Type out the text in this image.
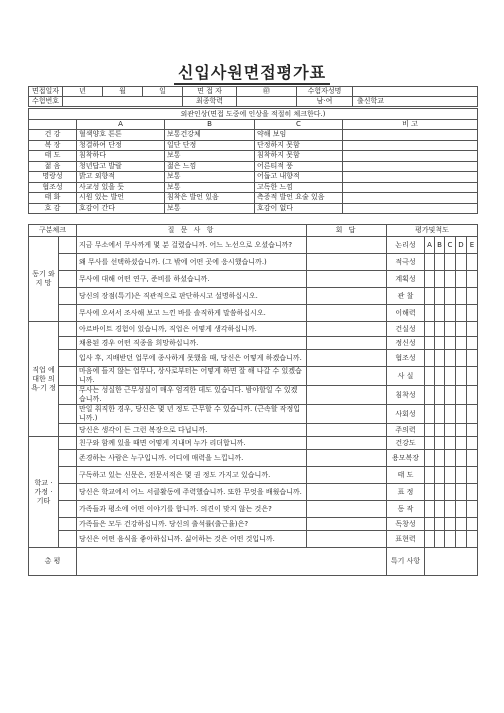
신입사원면접평가표
면접일자	년	월	일	면 접 자	㊞	수험자성명	
수험번호				최종학력		남·여	출신학교
외관인상(면접 도중에 인상을 적절히 체크한다.)				
	A	B	C	비 고
건 강	혈색양호 튼튼	보통건강체	약해 보임	
복 장	청결하여 단정	일단 단정	단정하지 못함	
태 도	침착하다	보통	침착하지 못함	
젊 음	청년답고 발랄	젊은 느낌	어른티적 풍	
명랑성	밝고 외향적	보통	어둡고 내향적	
협조성	사교성 있을 듯	보통	고독한 느낌	
태 화	시원 있는 발언	침착은 발언 있음	측증적 발언 요술 있음	
호 감	호감이 간다	보통	호감이 없다	
구분체크		질 문 사 항	회 답	평가및척도					
동기 와 지 망		지금 무소에서 무사까게 몇 분 걸렸습니까. 어느 노선으로 오셨습니까?		논리성	A	B	C	D	E
		왜 무사를 선택하셨습니까. (그 밖에 어떤 곳에 응시했습니까.)		적극성					
		무사에 대해 어떤 연구, 준비를 하셨습니까.		계획성					
		당신의 장점(특기)은 직관적으로 판단하시고 설명하십시오.		관 찰					
		무사에 오셔서 조사해 보고 느낀 바를 솔직하게 말씀하십시오.		이해력					
직업 에대한 의욕·기 정		아르바이트 경험이 있습니까, 직업은 어떻게 생각하십니까.		건실성					
		채용된 경우 어떤 직종을 희망하십니까.		정신성					
		입사 후, 지배받던 업무에 종사하게 못했을 때, 당신은 어떻게 하겠습니까.		협조성					
		마음에 들지 않는 업무나, 상사로부터는 어떻게 하면 잘 해 나갈 수 있겠습니까.		사 실					
		무사는 성실한 근무성실이 매우 엄격한 데도 있습니다. 밤야할일 수 있겠습니까.		침착성					
		만일 취직한 경우, 당신은 몇 년 정도 근무할 수 있습니까. (근속할 작정입니까.)		사회성					
		당신은 생각이 든 그런 복장으로 다닙니까.		주의력					
학교 · 가정 · 기타		친구와 함께 있을 때면 어떻게 지내며 누가 리더합니까.		건강도					
		존경하는 사람은 누구입니까. 어디에 매력을 느낍니까.		용모복장					
		구독하고 있는 신문은, 전문서적은 몇 권 정도 가지고 있습니까.		태 도					
		당신은 학교에서 어느 서클활동에 주력했습니까. 또한 무엇을 배웠습니까.		표 정					
		가족들과 평소에 어떤 이야기를 합니까. 의견이 맞지 않는 것은?		동 작					
		가족들은 모두 건강하십니까. 당신의 출석률(출근율)은?		독창성					
		당신은 어떤 음식을 좋아하십니까. 싫어하는 것은 어떤 것입니까.		표현력					
총 평				특기 사항					
